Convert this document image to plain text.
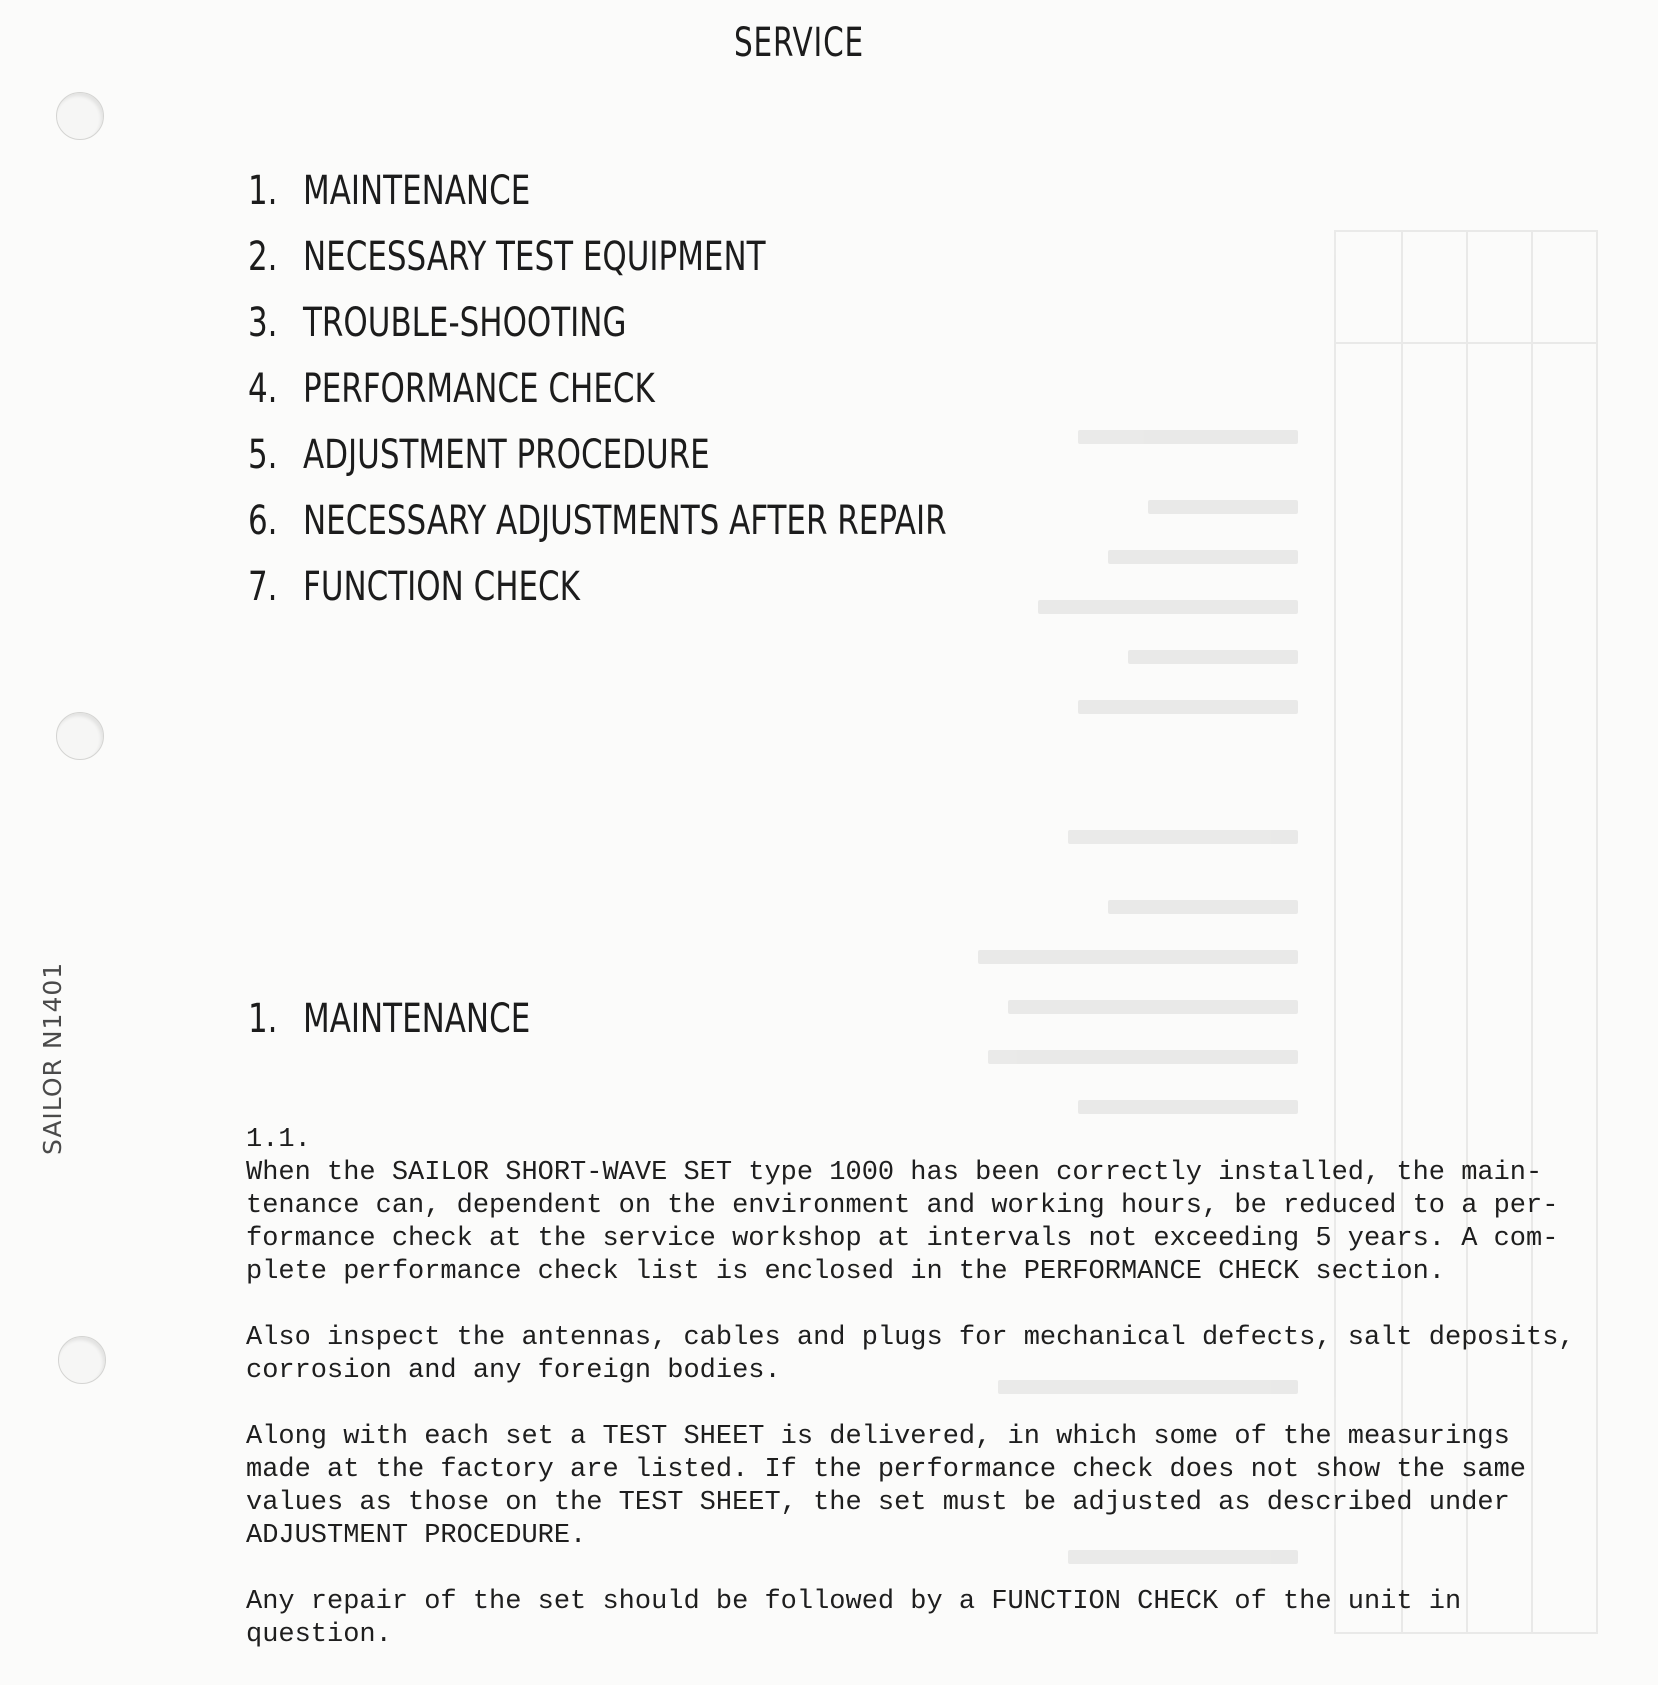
SAILOR N1401
SERVICE
1. MAINTENANCE
2. NECESSARY TEST EQUIPMENT
3. TROUBLE-SHOOTING
4. PERFORMANCE CHECK
5. ADJUSTMENT PROCEDURE
6. NECESSARY ADJUSTMENTS AFTER REPAIR
7. FUNCTION CHECK
1. MAINTENANCE

1.1.

When the SAILOR SHORT-WAVE SET type 1000 has been correctly installed, the main-
tenance can, dependent on the environment and working hours, be reduced to a per-
formance check at the service workshop at intervals not exceeding 5 years. A com-
plete performance check list is enclosed in the PERFORMANCE CHECK section.

Also inspect the antennas, cables and plugs for mechanical defects, salt deposits,
corrosion and any foreign bodies.

Along with each set a TEST SHEET is delivered, in which some of the measurings
made at the factory are listed. If the performance check does not show the same
values as those on the TEST SHEET, the set must be adjusted as described under
ADJUSTMENT PROCEDURE.

Any repair of the set should be followed by a FUNCTION CHECK of the unit in
question.
